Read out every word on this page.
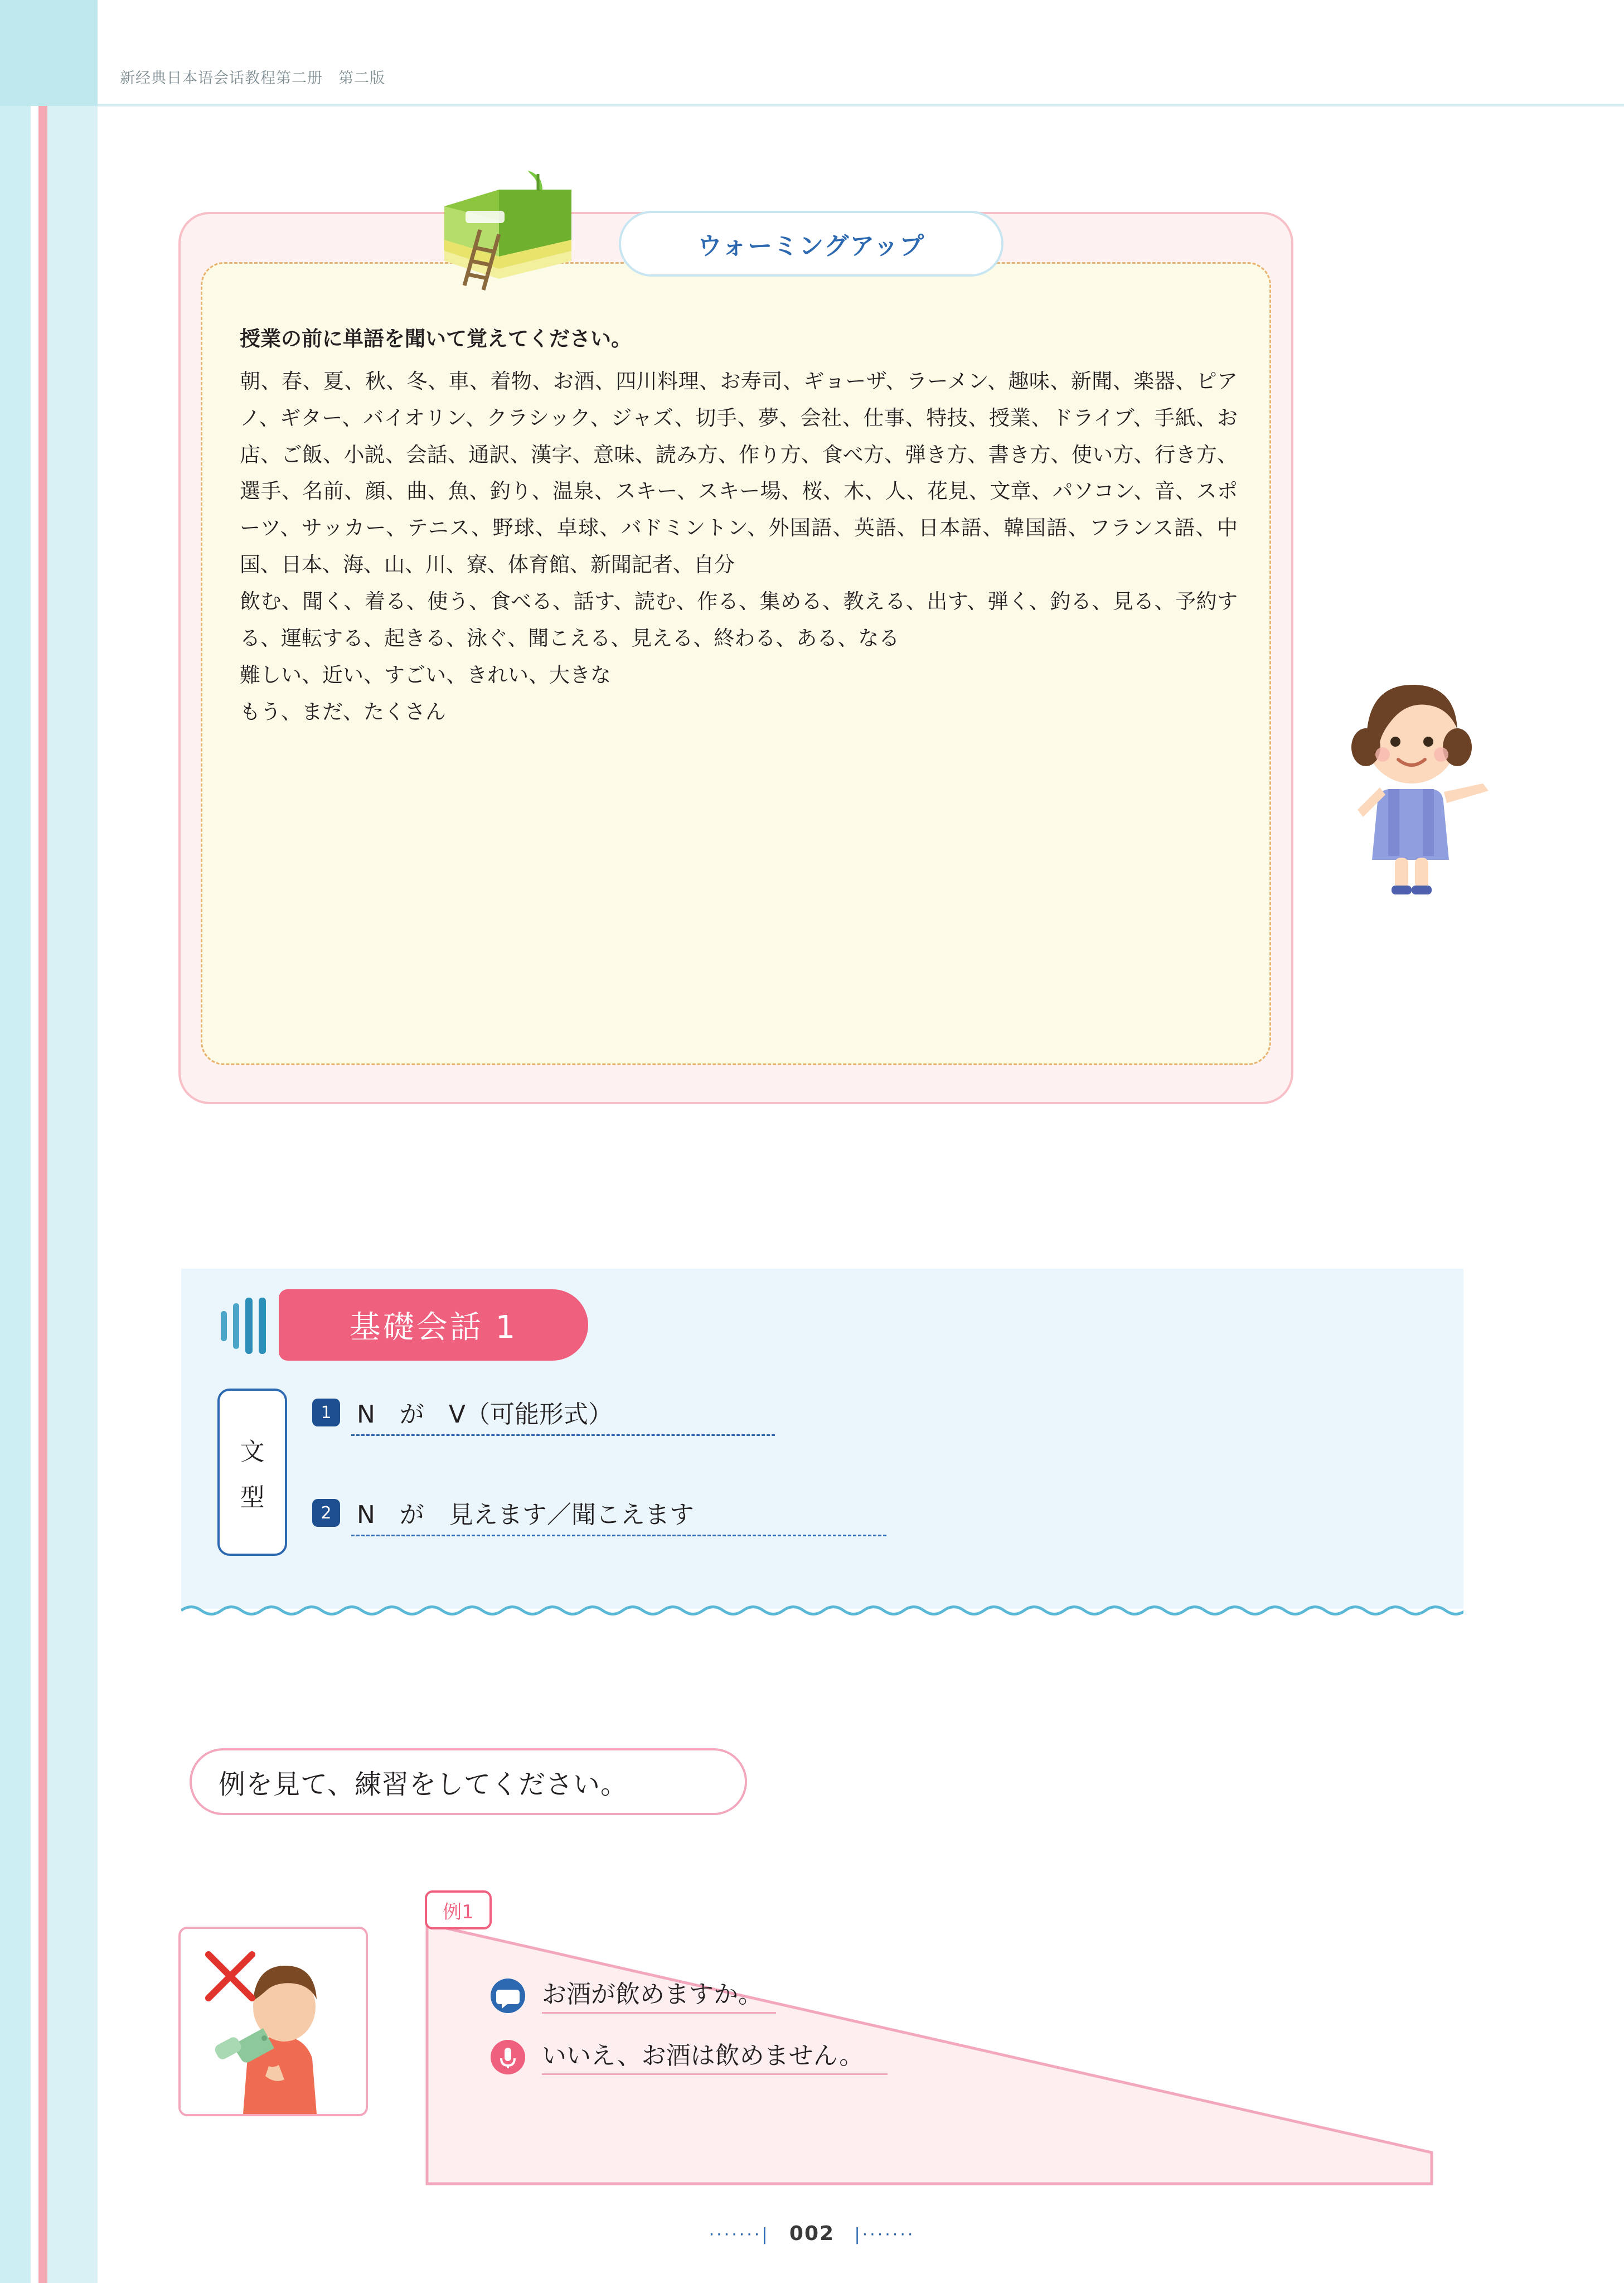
新经典日本语会话教程第二册　第二版
ウォーミングアップ
授業の前に単語を聞いて覚えてください。

朝、春、夏、秋、冬、車、着物、お酒、四川料理、お寿司、ギョーザ、ラーメン、趣味、新聞、楽器、ピアノ、ギター、バイオリン、クラシック、ジャズ、切手、夢、会社、仕事、特技、授業、ドライブ、手紙、お店、ご飯、小説、会話、通訳、漢字、意味、読み方、作り方、食べ方、弾き方、書き方、使い方、行き方、選手、名前、顔、曲、魚、釣り、温泉、スキー、スキー場、桜、木、人、花見、文章、パソコン、音、スポーツ、サッカー、テニス、野球、卓球、バドミントン、外国語、英語、日本語、韓国語、フランス語、中国、日本、海、山、川、寮、体育館、新聞記者、自分

飲む、聞く、着る、使う、食べる、話す、読む、作る、集める、教える、出す、弾く、釣る、見る、予約する、運転する、起きる、泳ぐ、聞こえる、見える、終わる、ある、なる

難しい、近い、すごい、きれい、大きな

もう、まだ、たくさん

基礎会話 1
文
型
1	N　が　V（可能形式）
2	N　が　見えます／聞こえます
例を見て、練習をしてください。
例1
お酒が飲めますか。
いいえ、お酒は飲めません。
·······| 002 |·······
